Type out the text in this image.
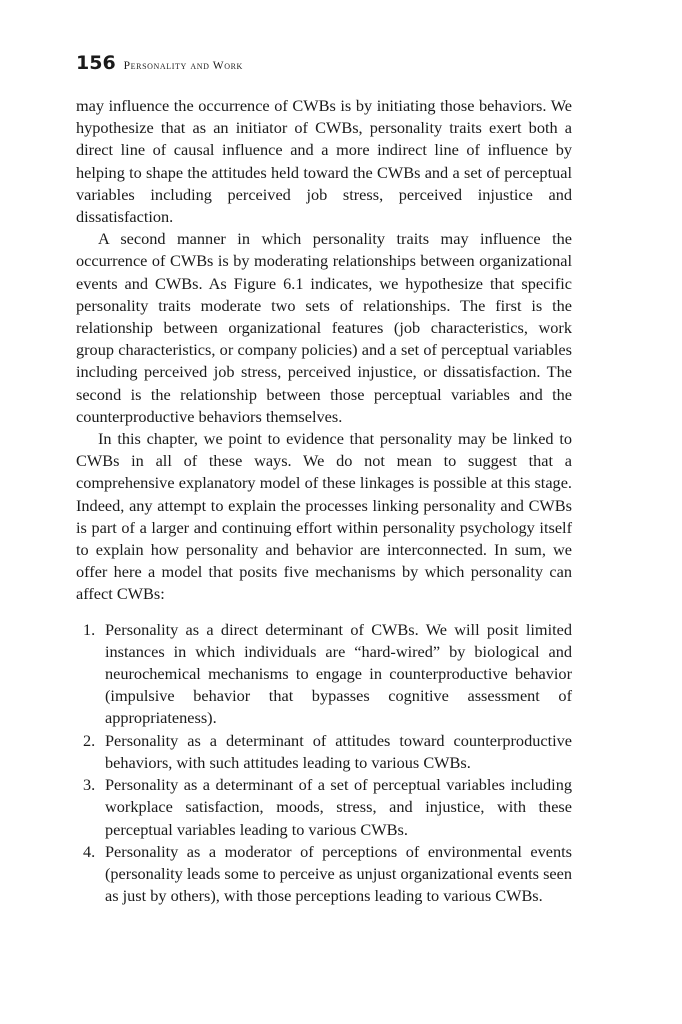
156 Personality and Work

may influence the occurrence of CWBs is by initiating those behaviors. We hypothesize that as an initiator of CWBs, personality traits exert both a direct line of causal influence and a more indirect line of influence by helping to shape the attitudes held toward the CWBs and a set of perceptual variables including perceived job stress, perceived injustice and dissatisfaction.

A second manner in which personality traits may influence the occurrence of CWBs is by moderating relationships between organizational events and CWBs. As Figure 6.1 indicates, we hypothesize that specific personality traits moderate two sets of relationships. The first is the relationship between organizational features (job characteristics, work group characteristics, or company policies) and a set of perceptual variables including perceived job stress, perceived injustice, or dissatisfaction. The second is the relationship between those perceptual variables and the counterproductive behaviors themselves.

In this chapter, we point to evidence that personality may be linked to CWBs in all of these ways. We do not mean to suggest that a comprehensive explanatory model of these linkages is possible at this stage. Indeed, any attempt to explain the processes linking personality and CWBs is part of a larger and continuing effort within personality psychology itself to explain how personality and behavior are interconnected. In sum, we offer here a model that posits five mechanisms by which personality can affect CWBs:

1. Personality as a direct determinant of CWBs. We will posit limited instances in which individuals are “hard-wired” by biological and neurochemical mechanisms to engage in counterproductive behavior (impulsive behavior that bypasses cognitive assessment of appropriateness).
2. Personality as a determinant of attitudes toward counterproductive behaviors, with such attitudes leading to various CWBs.
3. Personality as a determinant of a set of perceptual variables including workplace satisfaction, moods, stress, and injustice, with these perceptual variables leading to various CWBs.
4. Personality as a moderator of perceptions of environmental events (personality leads some to perceive as unjust organizational events seen as just by others), with those perceptions leading to various CWBs.
